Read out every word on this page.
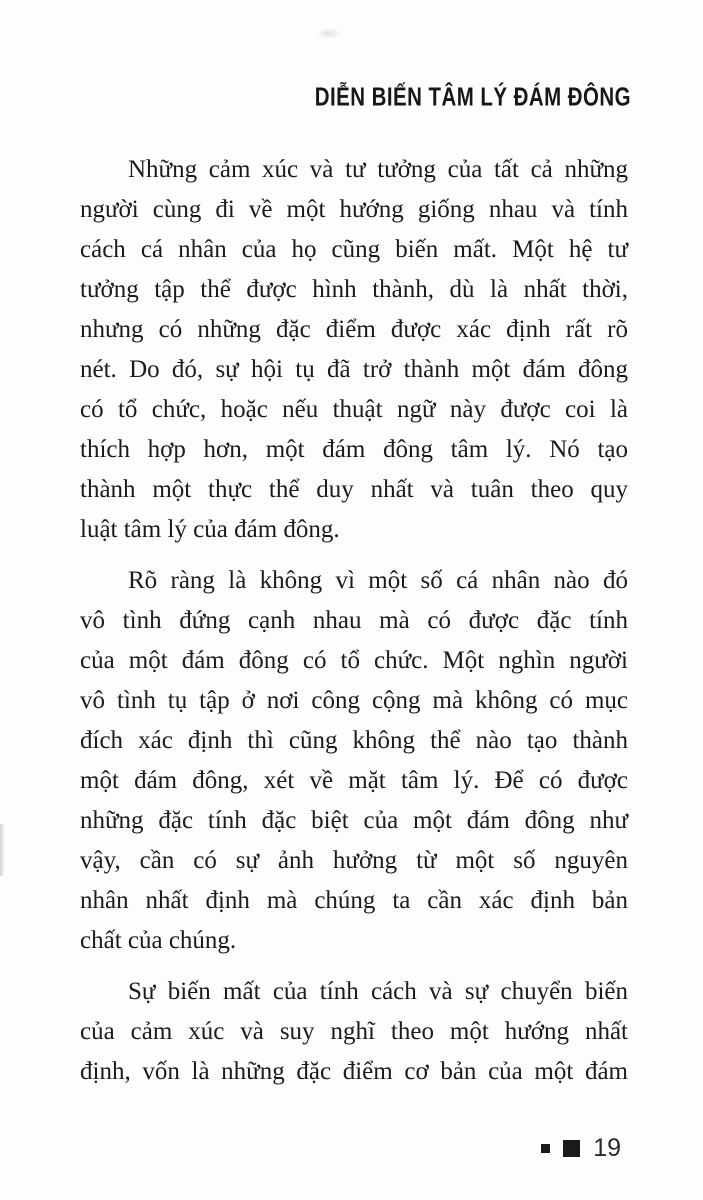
DIỄN BIẾN TÂM LÝ ĐÁM ĐÔNG
Những cảm xúc và tư tưởng của tất cả những
người cùng đi về một hướng giống nhau và tính
cách cá nhân của họ cũng biến mất. Một hệ tư
tưởng tập thể được hình thành, dù là nhất thời,
nhưng có những đặc điểm được xác định rất rõ
nét. Do đó, sự hội tụ đã trở thành một đám đông
có tổ chức, hoặc nếu thuật ngữ này được coi là
thích hợp hơn, một đám đông tâm lý. Nó tạo
thành một thực thể duy nhất và tuân theo quy
luật tâm lý của đám đông.
Rõ ràng là không vì một số cá nhân nào đó
vô tình đứng cạnh nhau mà có được đặc tính
của một đám đông có tổ chức. Một nghìn người
vô tình tụ tập ở nơi công cộng mà không có mục
đích xác định thì cũng không thể nào tạo thành
một đám đông, xét về mặt tâm lý. Để có được
những đặc tính đặc biệt của một đám đông như
vậy, cần có sự ảnh hưởng từ một số nguyên
nhân nhất định mà chúng ta cần xác định bản
chất của chúng.
Sự biến mất của tính cách và sự chuyển biến
của cảm xúc và suy nghĩ theo một hướng nhất
định, vốn là những đặc điểm cơ bản của một đám
19
